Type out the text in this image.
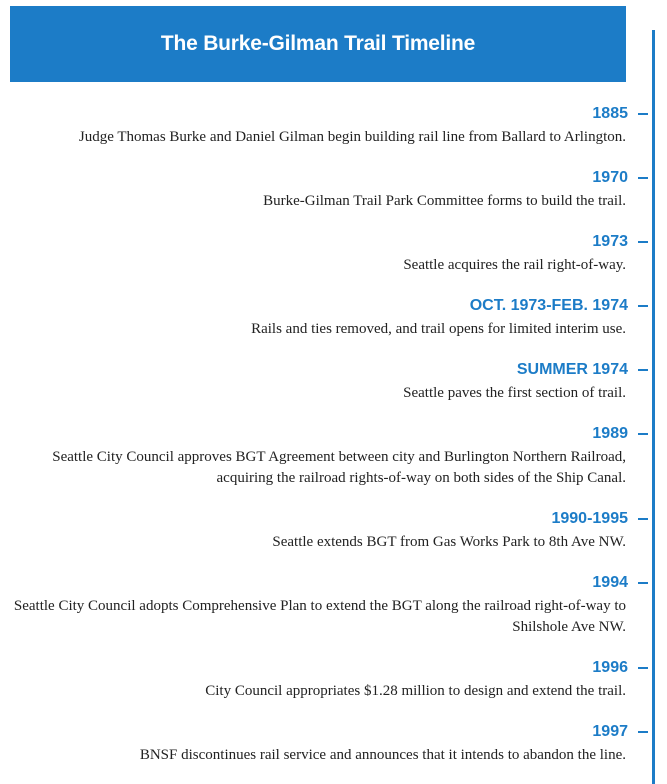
The Burke-Gilman Trail Timeline
1885
Judge Thomas Burke and Daniel Gilman begin building rail line from Ballard to Arlington.
1970
Burke-Gilman Trail Park Committee forms to build the trail.
1973
Seattle acquires the rail right-of-way.
OCT. 1973-FEB. 1974
Rails and ties removed, and trail opens for limited interim use.
SUMMER 1974
Seattle paves the first section of trail.
1989
Seattle City Council approves BGT Agreement between city and Burlington Northern Railroad, acquiring the railroad rights-of-way on both sides of the Ship Canal.
1990-1995
Seattle extends BGT from Gas Works Park to 8th Ave NW.
1994
Seattle City Council adopts Comprehensive Plan to extend the BGT along the railroad right-of-way to Shilshole Ave NW.
1996
City Council appropriates $1.28 million to design and extend the trail.
1997
BNSF discontinues rail service and announces that it intends to abandon the line.
